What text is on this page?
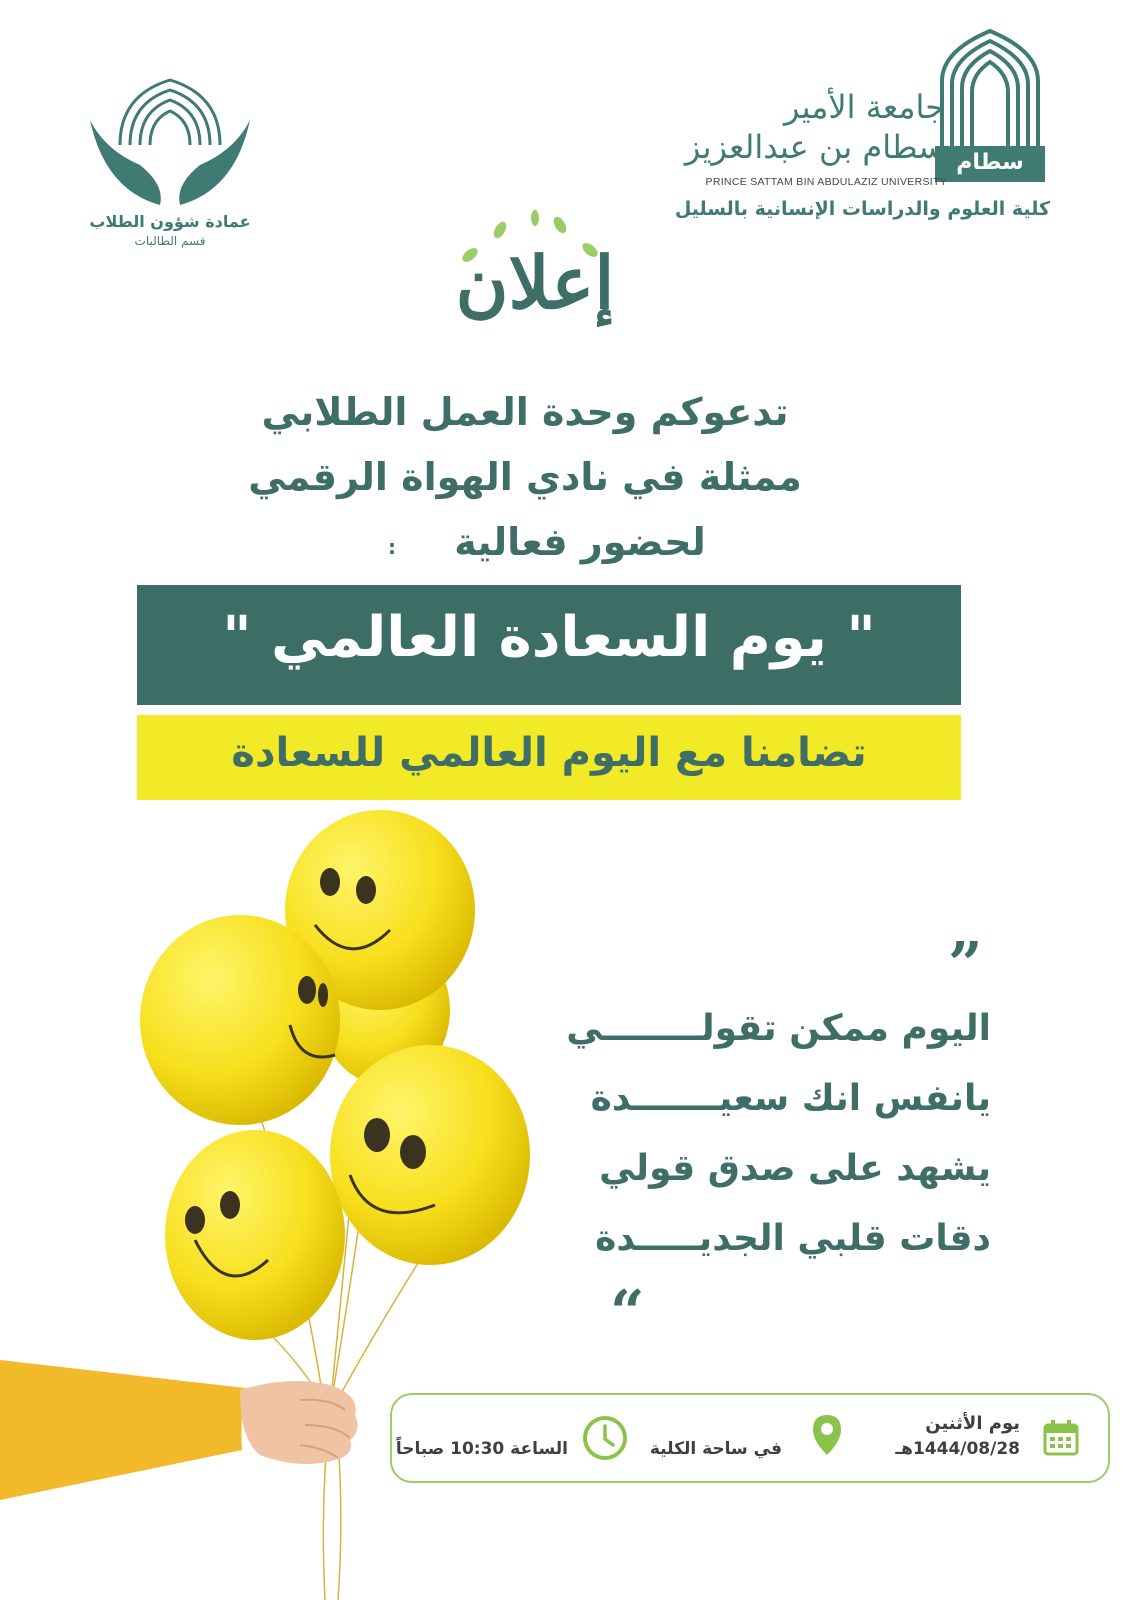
سطام
جامعة الأمير
سطام بن عبدالعزيز
PRINCE SATTAM BIN ABDULAZIZ UNIVERSITY
كلية العلوم والدراسات الإنسانية بالسليل
عمادة شؤون الطلاب
قسم الطالبات	إعلان
تدعوكم وحدة العمل الطلابي
ممثلة في نادي الهواة الرقمي
لحضور فعالية
:
" يوم السعادة العالمي "
تضامنا مع اليوم العالمي للسعادة
”
اليوم ممكن تقولــــــــي
يانفس انك سعيـــــــدة
يشهد على صدق قولي
دقات قلبي الجديـــــدة
“
يوم الأثنين
1444/08/28هـ
في ساحة الكلية
الساعة 10:30 صباحاً
